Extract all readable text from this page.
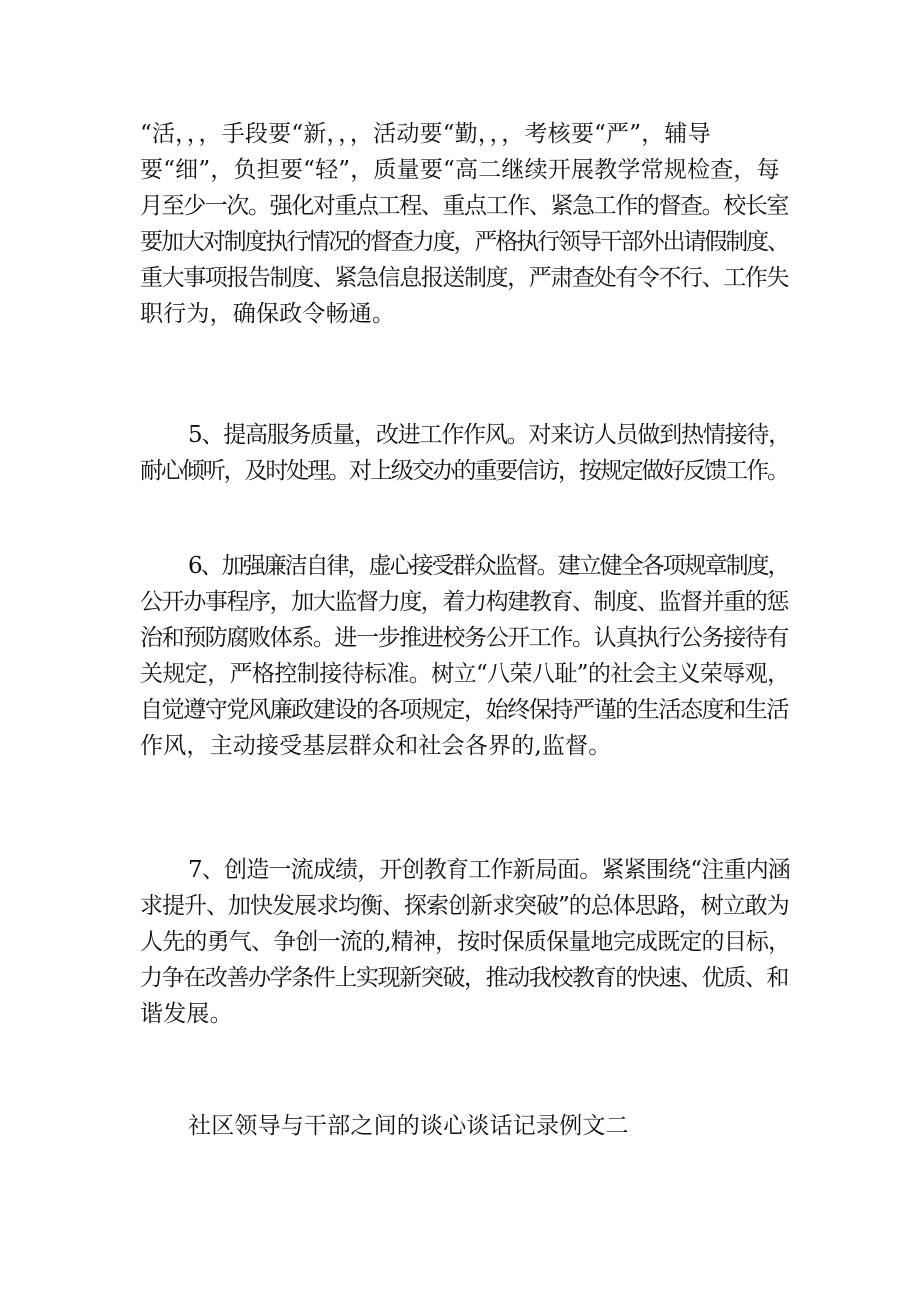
“活，，，手段要“新，，，活动要“勤，，，考核要“严”，辅导
要“细”，负担要“轻”，质量要“高二继续开展教学常规检查，每
月至少一次。强化对重点工程、重点工作、紧急工作的督查。校长室
要加大对制度执行情况的督查力度，严格执行领导干部外出请假制度、
重大事项报告制度、紧急信息报送制度，严肃查处有令不行、工作失
职行为，确保政令畅通。
5、提高服务质量，改进工作作风。对来访人员做到热情接待，
耐心倾听，及时处理。对上级交办的重要信访，按规定做好反馈工作。
6、加强廉洁自律，虚心接受群众监督。建立健全各项规章制度，
公开办事程序，加大监督力度，着力构建教育、制度、监督并重的惩
治和预防腐败体系。进一步推进校务公开工作。认真执行公务接待有
关规定，严格控制接待标准。树立“八荣八耻”的社会主义荣辱观，
自觉遵守党风廉政建设的各项规定，始终保持严谨的生活态度和生活
作风，主动接受基层群众和社会各界的,监督。
7、创造一流成绩，开创教育工作新局面。紧紧围绕“注重内涵
求提升、加快发展求均衡、探索创新求突破”的总体思路，树立敢为
人先的勇气、争创一流的,精神，按时保质保量地完成既定的目标，
力争在改善办学条件上实现新突破，推动我校教育的快速、优质、和
谐发展。
社区领导与干部之间的谈心谈话记录例文二
